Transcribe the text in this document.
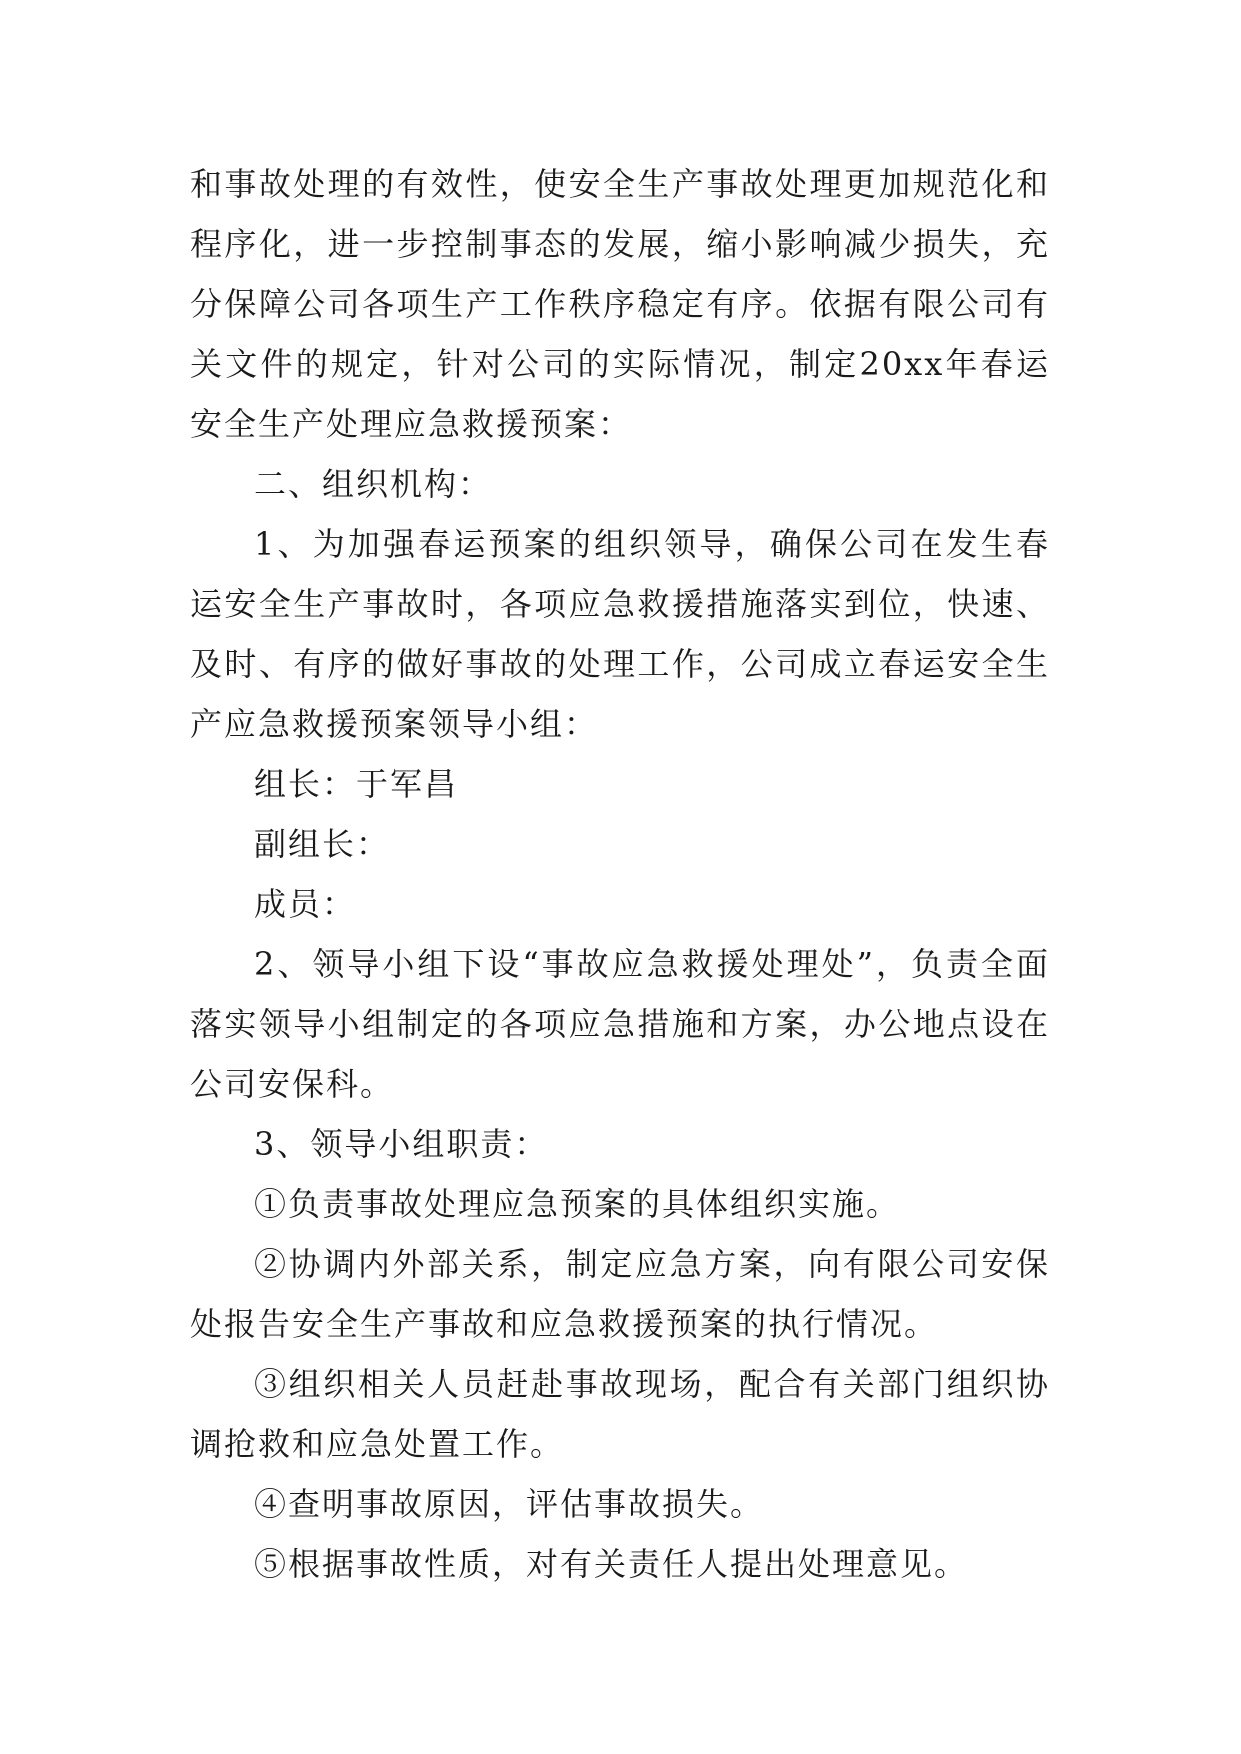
和事故处理的有效性，使安全生产事故处理更加规范化和程序化，进一步控制事态的发展，缩小影响减少损失，充分保障公司各项生产工作秩序稳定有序。依据有限公司有关文件的规定，针对公司的实际情况，制定20xx年春运安全生产处理应急救援预案：

二、组织机构：

1、为加强春运预案的组织领导，确保公司在发生春运安全生产事故时，各项应急救援措施落实到位，快速、及时、有序的做好事故的处理工作，公司成立春运安全生产应急救援预案领导小组：

组长：于军昌

副组长：

成员：

2、领导小组下设“事故应急救援处理处”，负责全面落实领导小组制定的各项应急措施和方案，办公地点设在公司安保科。

3、领导小组职责：

①负责事故处理应急预案的具体组织实施。

②协调内外部关系，制定应急方案，向有限公司安保处报告安全生产事故和应急救援预案的执行情况。

③组织相关人员赶赴事故现场，配合有关部门组织协调抢救和应急处置工作。

④查明事故原因，评估事故损失。

⑤根据事故性质，对有关责任人提出处理意见。
